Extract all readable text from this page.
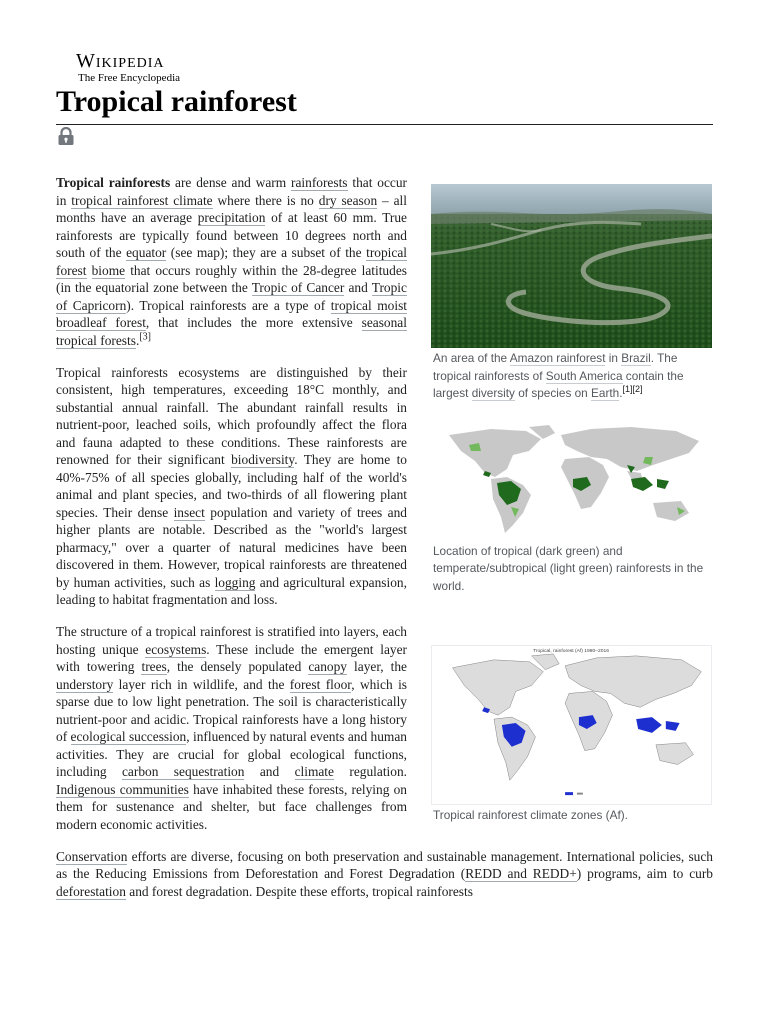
Wikipedia
The Free Encyclopedia
Tropical rainforest
An area of the Amazon rainforest in Brazil. The tropical rainforests of South America contain the largest diversity of species on Earth.[1][2]

Tropical rainforests are dense and warm rainforests that occur in tropical rainforest climate where there is no dry season – all months have an average precipitation of at least 60 mm. True rainforests are typically found between 10 degrees north and south of the equator (see map); they are a subset of the tropical forest biome that occurs roughly within the 28-degree latitudes (in the equatorial zone between the Tropic of Cancer and Tropic of Capricorn). Tropical rainforests are a type of tropical moist broadleaf forest, that includes the more extensive seasonal tropical forests.[3]

Location of tropical (dark green) and temperate/subtropical (light green) rainforests in the world.

Tropical rainforests ecosystems are distinguished by their consistent, high temperatures, exceeding 18°C monthly, and substantial annual rainfall. The abundant rainfall results in nutrient-poor, leached soils, which profoundly affect the flora and fauna adapted to these conditions. These rainforests are renowned for their significant biodiversity. They are home to 40%-75% of all species globally, including half of the world's animal and plant species, and two-thirds of all flowering plant species. Their dense insect population and variety of trees and higher plants are notable. Described as the "world's largest pharmacy," over a quarter of natural medicines have been discovered in them. However, tropical rainforests are threatened by human activities, such as logging and agricultural expansion, leading to habitat fragmentation and loss.

Tropical, rainforest (Af) 1980–2016
Tropical rainforest climate zones (Af).

The structure of a tropical rainforest is stratified into layers, each hosting unique ecosystems. These include the emergent layer with towering trees, the densely populated canopy layer, the understory layer rich in wildlife, and the forest floor, which is sparse due to low light penetration. The soil is characteristically nutrient-poor and acidic. Tropical rainforests have a long history of ecological succession, influenced by natural events and human activities. They are crucial for global ecological functions, including carbon sequestration and climate regulation. Indigenous communities have inhabited these forests, relying on them for sustenance and shelter, but face challenges from modern economic activities.

Conservation efforts are diverse, focusing on both preservation and sustainable management. International policies, such as the Reducing Emissions from Deforestation and Forest Degradation (REDD and REDD+) programs, aim to curb deforestation and forest degradation. Despite these efforts, tropical rainforests
